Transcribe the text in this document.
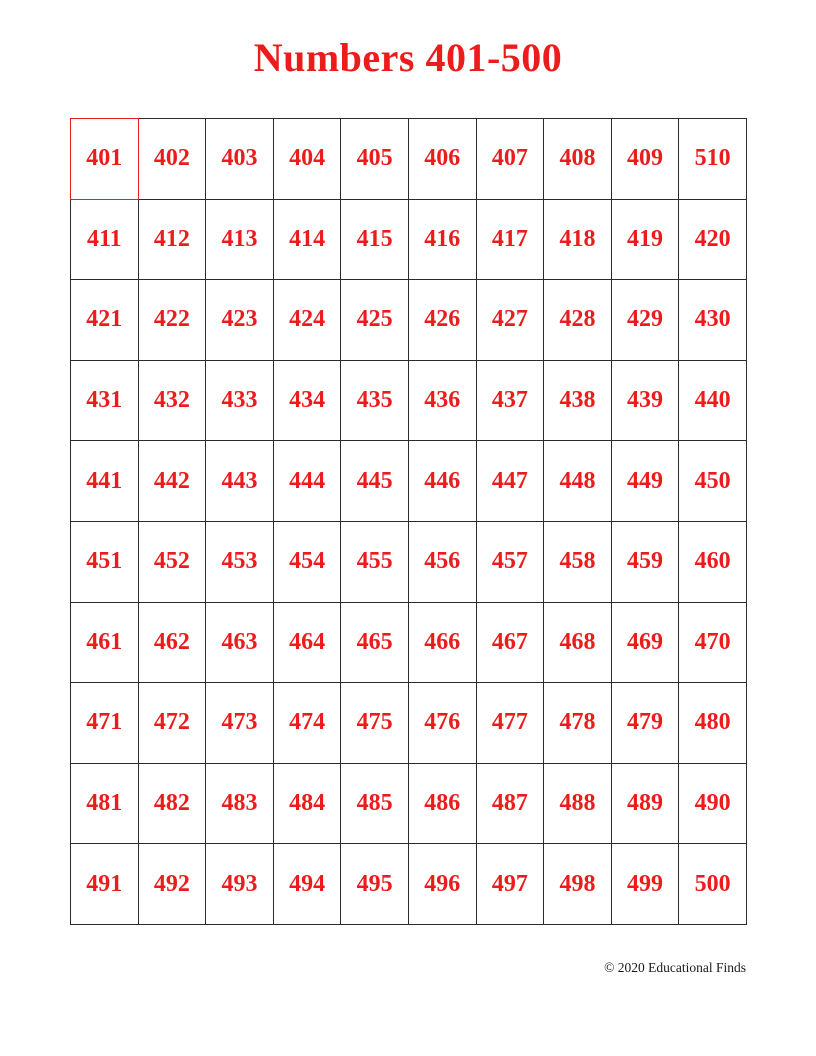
Numbers 401-500
401	402	403	404	405	406	407	408	409	510
411	412	413	414	415	416	417	418	419	420
421	422	423	424	425	426	427	428	429	430
431	432	433	434	435	436	437	438	439	440
441	442	443	444	445	446	447	448	449	450
451	452	453	454	455	456	457	458	459	460
461	462	463	464	465	466	467	468	469	470
471	472	473	474	475	476	477	478	479	480
481	482	483	484	485	486	487	488	489	490
491	492	493	494	495	496	497	498	499	500
© 2020 Educational Finds
